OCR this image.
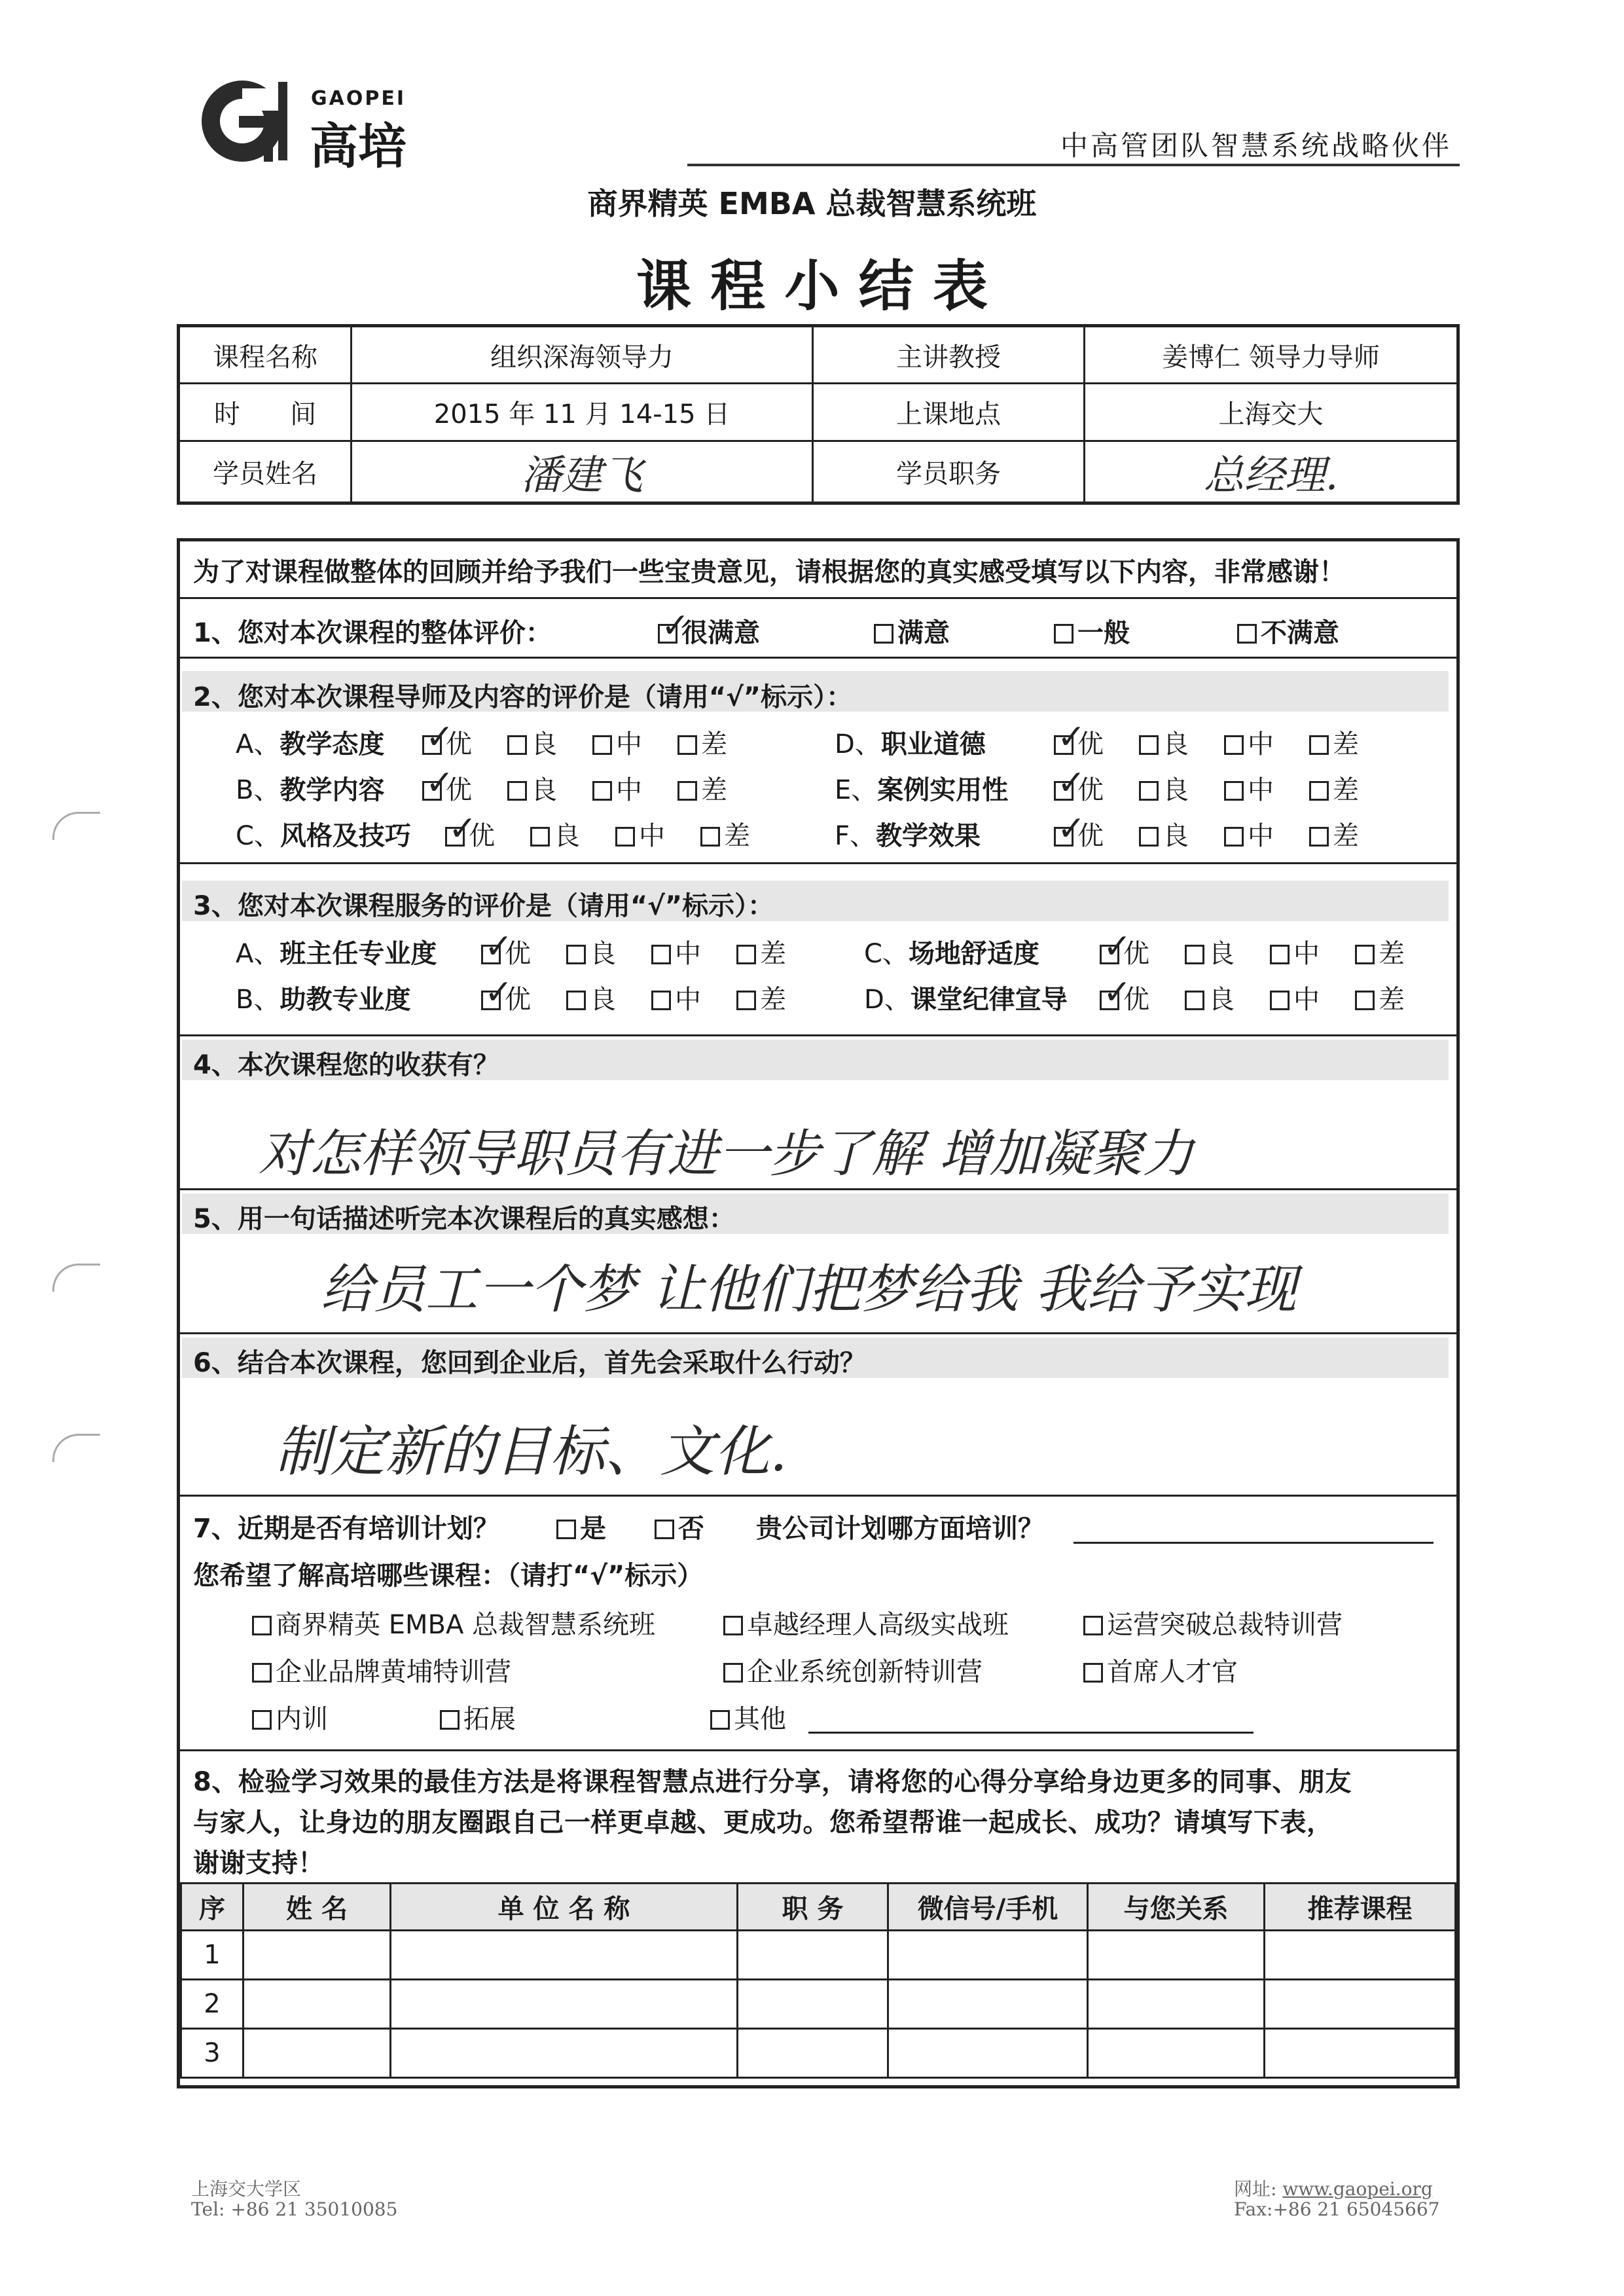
GAOPEI
高培	中高管团队智慧系统战略伙伴
商界精英 EMBA 总裁智慧系统班
课 程 小 结 表
课程名称	组织深海领导力	主讲教授	姜博仁 领导力导师
时      间	2015 年 11 月 14-15 日	上课地点	上海交大
学员姓名	潘建飞	学员职务	总经理.
为了对课程做整体的回顾并给予我们一些宝贵意见，请根据您的真实感受填写以下内容，非常感谢！
1、您对本次课程的整体评价： ✓	很满意	满意	一般	不满意
2、您对本次课程导师及内容的评价是（请用“√”标示）：
A、教学态度 ✓	优	良	中	差
B、教学内容 ✓	优	良	中	差
C、风格及技巧 ✓	优	良	中	差
D、职业道德 ✓	优	良	中	差
E、案例实用性 ✓	优	良	中	差
F、教学效果 ✓	优	良	中	差
3、您对本次课程服务的评价是（请用“√”标示）：
A、班主任专业度 ✓	优	良	中	差
B、助教专业度 ✓	优	良	中	差
C、场地舒适度 ✓	优	良	中	差
D、课堂纪律宣导 ✓	优	良	中	差
4、本次课程您的收获有？
对怎样领导职员有进一步了解 增加凝聚力
5、用一句话描述听完本次课程后的真实感想：
给员工一个梦 让他们把梦给我 我给予实现
6、结合本次课程，您回到企业后，首先会采取什么行动？
制定新的目标、文化.
7、近期是否有培训计划？	是	否 贵公司计划哪方面培训？
您希望了解高培哪些课程：（请打“√”标示）
商界精英 EMBA 总裁智慧系统班	卓越经理人高级实战班	运营突破总裁特训营
企业品牌黄埔特训营	企业系统创新特训营	首席人才官
内训	拓展	其他
8、检验学习效果的最佳方法是将课程智慧点进行分享，请将您的心得分享给身边更多的同事、朋友
与家人，让身边的朋友圈跟自己一样更卓越、更成功。您希望帮谁一起成长、成功？请填写下表，
谢谢支持！
序	姓 名	单 位 名 称	职 务	微信号/手机	与您关系	推荐课程
1						
2						
3						
上海交大学区
Tel: +86 21 35010085
网址: www.gaopei.org
Fax:+86 21 65045667
